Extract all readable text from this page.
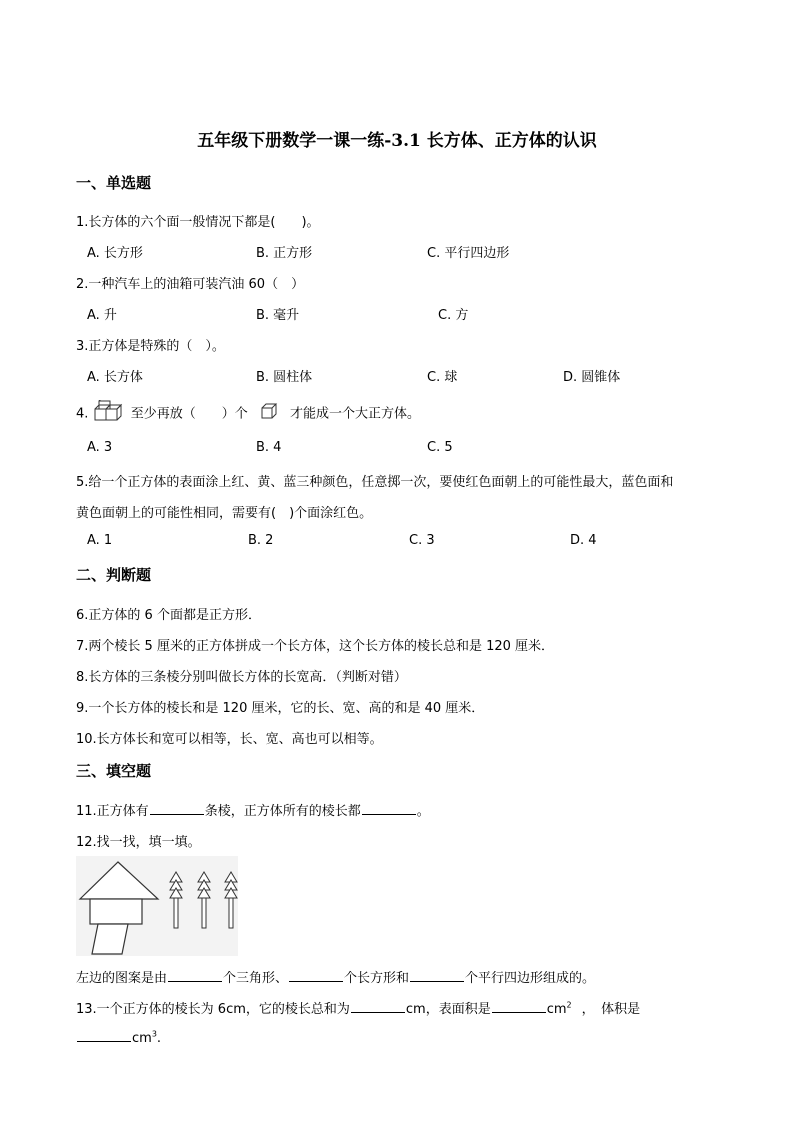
五年级下册数学一课一练-3.1 长方体、正方体的认识
一、单选题
1.长方体的六个面一般情况下都是(　　)。
A. 长方形	B. 正方形	C. 平行四边形
2.一种汽车上的油箱可装汽油 60（　）
A. 升	B. 毫升	C. 方
3.正方体是特殊的（　）。
A. 长方体	B. 圆柱体	C. 球	D. 圆锥体
4.	至少再放（　　）个	才能成一个大正方体。
A. 3	B. 4	C. 5
5.给一个正方体的表面涂上红、黄、蓝三种颜色，任意掷一次，要使红色面朝上的可能性最大，蓝色面和
黄色面朝上的可能性相同，需要有(　)个面涂红色。
A. 1	B. 2	C. 3	D. 4
二、判断题
6.正方体的 6 个面都是正方形．
7.两个棱长 5 厘米的正方体拼成一个长方体，这个长方体的棱长总和是 120 厘米．
8.长方体的三条棱分别叫做长方体的长宽高．（判断对错）
9.一个长方体的棱长和是 120 厘米，它的长、宽、高的和是 40 厘米．
10.长方体长和宽可以相等，长、宽、高也可以相等。
三、填空题
11.正方体有	条棱，正方体所有的棱长都	。
12.找一找，填一填。
左边的图案是由	个三角形、	个长方形和	个平行四边形组成的。
13.一个正方体的棱长为 6cm，它的棱长总和为	cm，表面积是	$cm^2$ ，　体积是
$cm^3$.
